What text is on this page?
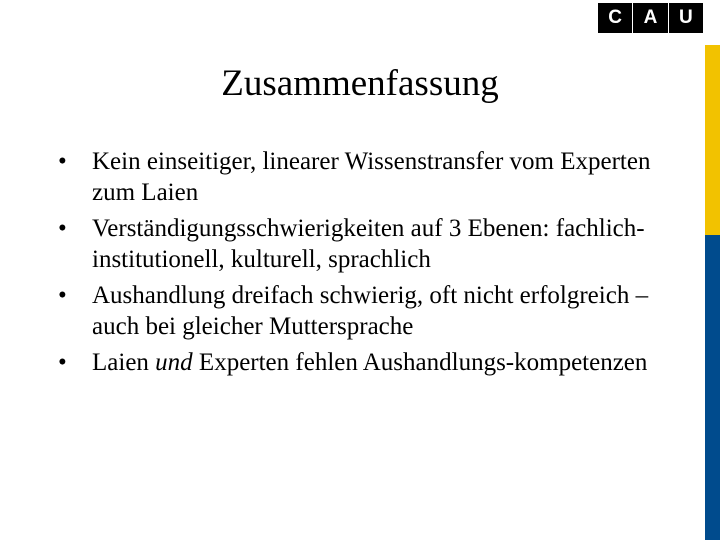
C	A	U
Zusammenfassung
• Kein einseitiger, linearer Wissenstransfer vom Experten zum Laien
• Verständigungsschwierigkeiten auf 3 Ebenen: fachlich-institutionell, kulturell, sprachlich
• Aushandlung dreifach schwierig, oft nicht erfolgreich – auch bei gleicher Muttersprache
• Laien und Experten fehlen Aushandlungs-kompetenzen
